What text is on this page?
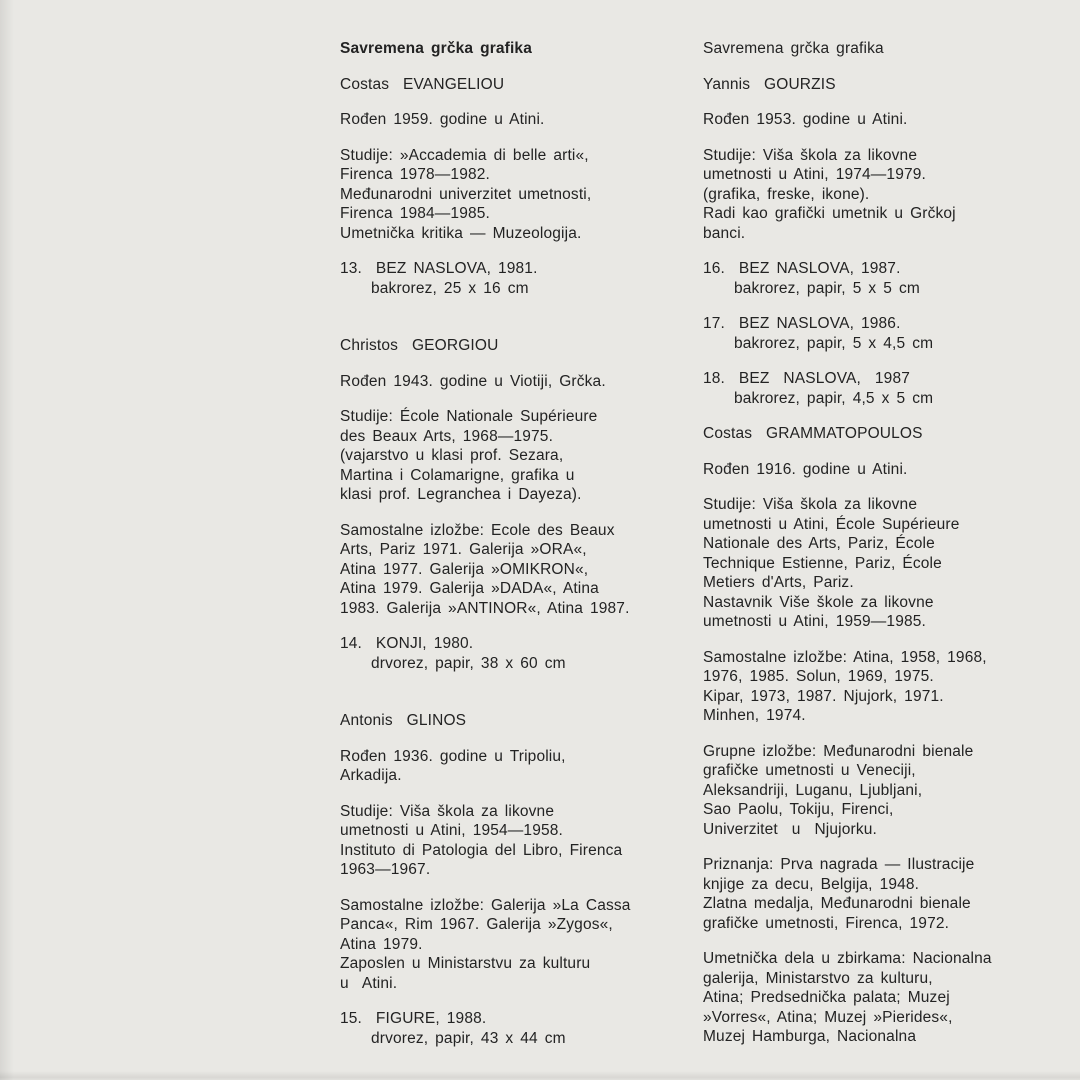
Savremena grčka grafika
Costas  EVANGELIOU
Rođen 1959. godine u Atini.
Studije: »Accademia di belle arti«,
Firenca 1978—1982.
Međunarodni univerzitet umetnosti,
Firenca 1984—1985.
Umetnička kritika — Muzeologija.
13.  BEZ NASLOVA, 1981.
bakrorez, 25 x 16 cm
Christos  GEORGIOU
Rođen 1943. godine u Viotiji, Grčka.
Studije: École Nationale Supérieure
des Beaux Arts, 1968—1975.
(vajarstvo u klasi prof. Sezara,
Martina i Colamarigne, grafika u
klasi prof. Legranchea i Dayeza).
Samostalne izložbe: Ecole des Beaux
Arts, Pariz 1971. Galerija »ORA«,
Atina 1977. Galerija »OMIKRON«,
Atina 1979. Galerija »DADA«, Atina
1983. Galerija »ANTINOR«, Atina 1987.
14.  KONJI, 1980.
drvorez, papir, 38 x 60 cm
Antonis  GLINOS
Rođen 1936. godine u Tripoliu,
Arkadija.
Studije: Viša škola za likovne
umetnosti u Atini, 1954—1958.
Instituto di Patologia del Libro, Firenca
1963—1967.
Samostalne izložbe: Galerija »La Cassa
Panca«, Rim 1967. Galerija »Zygos«,
Atina 1979.
Zaposlen u Ministarstvu za kulturu
u  Atini.
15.  FIGURE, 1988.
drvorez, papir, 43 x 44 cm
Savremena grčka grafika
Yannis  GOURZIS
Rođen 1953. godine u Atini.
Studije: Viša škola za likovne
umetnosti u Atini, 1974—1979.
(grafika, freske, ikone).
Radi kao grafički umetnik u Grčkoj
banci.
16.  BEZ NASLOVA, 1987.
bakrorez, papir, 5 x 5 cm
17.  BEZ NASLOVA, 1986.
bakrorez, papir, 5 x 4,5 cm
18.  BEZ  NASLOVA,  1987
bakrorez, papir, 4,5 x 5 cm
Costas  GRAMMATOPOULOS
Rođen 1916. godine u Atini.
Studije: Viša škola za likovne
umetnosti u Atini, École Supérieure
Nationale des Arts, Pariz, École
Technique Estienne, Pariz, École
Metiers d'Arts, Pariz.
Nastavnik Više škole za likovne
umetnosti u Atini, 1959—1985.
Samostalne izložbe: Atina, 1958, 1968,
1976, 1985. Solun, 1969, 1975.
Kipar, 1973, 1987. Njujork, 1971.
Minhen, 1974.
Grupne izložbe: Međunarodni bienale
grafičke umetnosti u Veneciji,
Aleksandriji, Luganu, Ljubljani,
Sao Paolu, Tokiju, Firenci,
Univerzitet  u  Njujorku.
Priznanja: Prva nagrada — Ilustracije
knjige za decu, Belgija, 1948.
Zlatna medalja, Međunarodni bienale
grafičke umetnosti, Firenca, 1972.
Umetnička dela u zbirkama: Nacionalna
galerija, Ministarstvo za kulturu,
Atina; Predsednička palata; Muzej
»Vorres«, Atina; Muzej »Pierides«,
Muzej Hamburga, Nacionalna
